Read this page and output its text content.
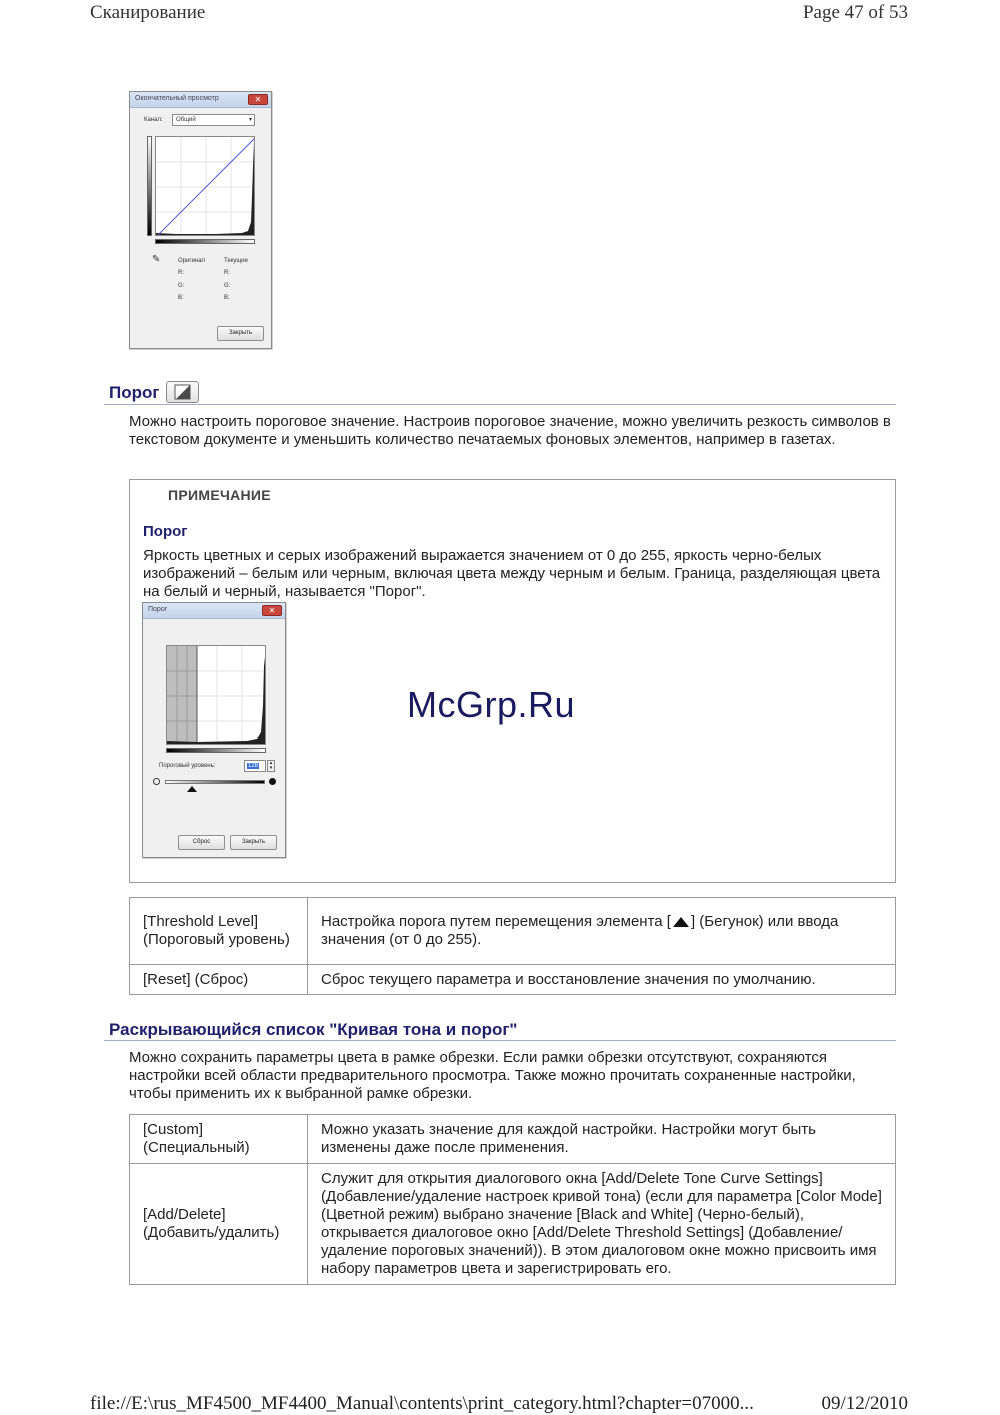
Сканирование	Page 47 of 53
file://E:\rus_MF4500_MF4400_Manual\contents\print_category.html?chapter=07000...	09/12/2010
Окончательный просмотр	✕
Канал: Общий	▾
✎	Оригинал	Текущие
R:
G:
B:
R:
G:
B:
Закрыть
Порог
Можно настроить пороговое значение. Настроив пороговое значение, можно увеличить резкость символов в текстовом документе и уменьшить количество печатаемых фоновых элементов, например в газетах.
ПРИМЕЧАНИЕ
Порог
Яркость цветных и серых изображений выражается значением от 0 до 255, яркость черно-белых изображений – белым или черным, включая цвета между черным и белым. Граница, разделяющая цвета на белый и черный, называется "Порог".
Порог	✕
Пороговый уровень:	128	▴
▾
Сброс	Закрыть
McGrp.Ru
[Threshold Level] (Пороговый уровень)	Настройка порога путем перемещения элемента [ ] (Бегунок) или ввода значения (от 0 до 255).
[Reset] (Сброс)	Сброс текущего параметра и восстановление значения по умолчанию.
Раскрывающийся список "Кривая тона и порог"
Можно сохранить параметры цвета в рамке обрезки. Если рамки обрезки отсутствуют, сохраняются настройки всей области предварительного просмотра. Также можно прочитать сохраненные настройки, чтобы применить их к выбранной рамке обрезки.
[Custom] (Специальный)	Можно указать значение для каждой настройки. Настройки могут быть изменены даже после применения.
[Add/Delete] (Добавить/удалить)	Служит для открытия диалогового окна [Add/Delete Tone Curve Settings] (Добавление/удаление настроек кривой тона) (если для параметра [Color Mode] (Цветной режим) выбрано значение [Black and White] (Черно-белый), открывается диалоговое окно [Add/Delete Threshold Settings] (Добавление/удаление пороговых значений)). В этом диалоговом окне можно присвоить имя набору параметров цвета и зарегистрировать его.
